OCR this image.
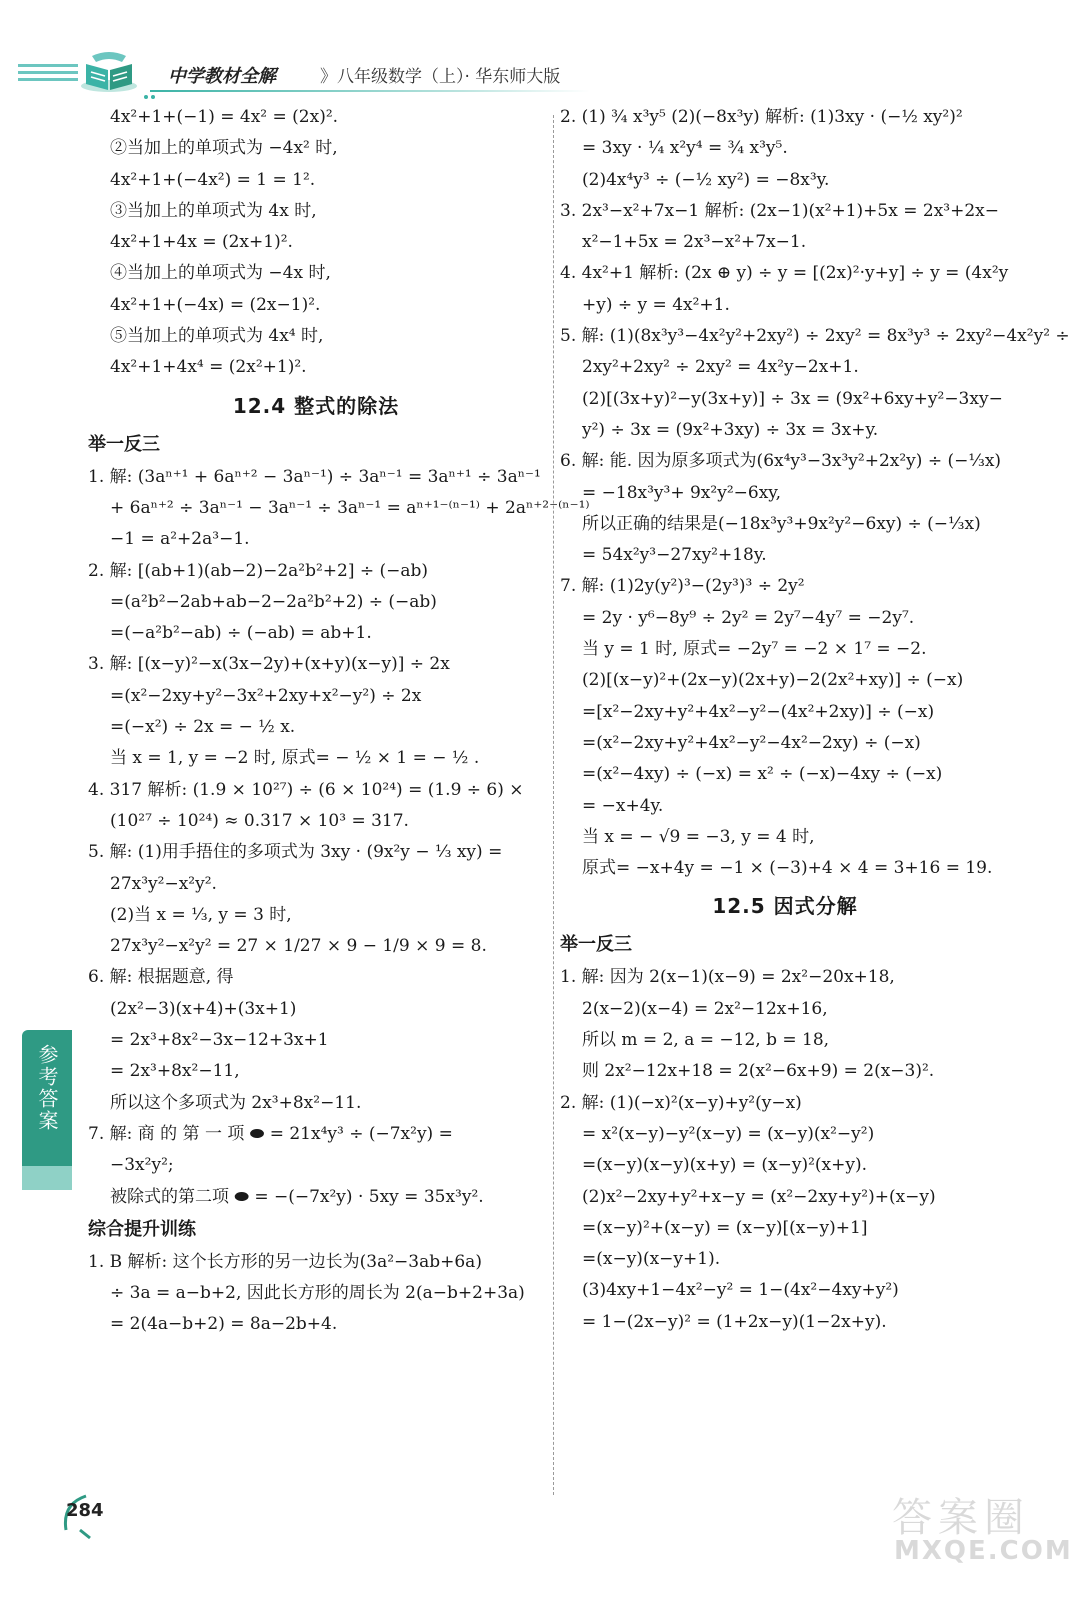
中学教材全解	》八年级数学（上）· 华东师大版
4x²+1+(−1) = 4x² = (2x)².
②当加上的单项式为 −4x² 时,
4x²+1+(−4x²) = 1 = 1².
③当加上的单项式为 4x 时,
4x²+1+4x = (2x+1)².
④当加上的单项式为 −4x 时,
4x²+1+(−4x) = (2x−1)².
⑤当加上的单项式为 4x⁴ 时,
4x²+1+4x⁴ = (2x²+1)².
12.4 整式的除法
举一反三
1. 解: (3aⁿ⁺¹ + 6aⁿ⁺² − 3aⁿ⁻¹) ÷ 3aⁿ⁻¹ = 3aⁿ⁺¹ ÷ 3aⁿ⁻¹
+ 6aⁿ⁺² ÷ 3aⁿ⁻¹ − 3aⁿ⁻¹ ÷ 3aⁿ⁻¹ = aⁿ⁺¹⁻⁽ⁿ⁻¹⁾ + 2aⁿ⁺²⁻⁽ⁿ⁻¹⁾
−1 = a²+2a³−1.
2. 解: [(ab+1)(ab−2)−2a²b²+2] ÷ (−ab)
=(a²b²−2ab+ab−2−2a²b²+2) ÷ (−ab)
=(−a²b²−ab) ÷ (−ab) = ab+1.
3. 解: [(x−y)²−x(3x−2y)+(x+y)(x−y)] ÷ 2x
=(x²−2xy+y²−3x²+2xy+x²−y²) ÷ 2x
=(−x²) ÷ 2x = − ½ x.
当 x = 1, y = −2 时, 原式= − ½ × 1 = − ½ .
4. 317 解析: (1.9 × 10²⁷) ÷ (6 × 10²⁴) = (1.9 ÷ 6) ×
(10²⁷ ÷ 10²⁴) ≈ 0.317 × 10³ = 317.
5. 解: (1)用手捂住的多项式为 3xy · (9x²y − ⅓ xy) =
27x³y²−x²y².
(2)当 x = ⅓, y = 3 时,
27x³y²−x²y² = 27 × 1/27 × 9 − 1/9 × 9 = 8.
6. 解: 根据题意, 得
(2x²−3)(x+4)+(3x+1)
= 2x³+8x²−3x−12+3x+1
= 2x³+8x²−11,
所以这个多项式为 2x³+8x²−11.
7. 解: 商 的 第 一 项 ⬬ = 21x⁴y³ ÷ (−7x²y) =
−3x²y²;
被除式的第二项 ⬬ = −(−7x²y) · 5xy = 35x³y².
综合提升训练
1. B 解析: 这个长方形的另一边长为(3a²−3ab+6a)
÷ 3a = a−b+2, 因此长方形的周长为 2(a−b+2+3a)
= 2(4a−b+2) = 8a−2b+4.
2. (1) ¾ x³y⁵ (2)(−8x³y) 解析: (1)3xy · (−½ xy²)²
= 3xy · ¼ x²y⁴ = ¾ x³y⁵.
(2)4x⁴y³ ÷ (−½ xy²) = −8x³y.
3. 2x³−x²+7x−1 解析: (2x−1)(x²+1)+5x = 2x³+2x−
x²−1+5x = 2x³−x²+7x−1.
4. 4x²+1 解析: (2x ⊕ y) ÷ y = [(2x)²·y+y] ÷ y = (4x²y
+y) ÷ y = 4x²+1.
5. 解: (1)(8x³y³−4x²y²+2xy²) ÷ 2xy² = 8x³y³ ÷ 2xy²−4x²y² ÷
2xy²+2xy² ÷ 2xy² = 4x²y−2x+1.
(2)[(3x+y)²−y(3x+y)] ÷ 3x = (9x²+6xy+y²−3xy−
y²) ÷ 3x = (9x²+3xy) ÷ 3x = 3x+y.
6. 解: 能. 因为原多项式为(6x⁴y³−3x³y²+2x²y) ÷ (−⅓x)
= −18x³y³+ 9x²y²−6xy,
所以正确的结果是(−18x³y³+9x²y²−6xy) ÷ (−⅓x)
= 54x²y³−27xy²+18y.
7. 解: (1)2y(y²)³−(2y³)³ ÷ 2y²
= 2y · y⁶−8y⁹ ÷ 2y² = 2y⁷−4y⁷ = −2y⁷.
当 y = 1 时, 原式= −2y⁷ = −2 × 1⁷ = −2.
(2)[(x−y)²+(2x−y)(2x+y)−2(2x²+xy)] ÷ (−x)
=[x²−2xy+y²+4x²−y²−(4x²+2xy)] ÷ (−x)
=(x²−2xy+y²+4x²−y²−4x²−2xy) ÷ (−x)
=(x²−4xy) ÷ (−x) = x² ÷ (−x)−4xy ÷ (−x)
= −x+4y.
当 x = − √9 = −3, y = 4 时,
原式= −x+4y = −1 × (−3)+4 × 4 = 3+16 = 19.
12.5 因式分解
举一反三
1. 解: 因为 2(x−1)(x−9) = 2x²−20x+18,
2(x−2)(x−4) = 2x²−12x+16,
所以 m = 2, a = −12, b = 18,
则 2x²−12x+18 = 2(x²−6x+9) = 2(x−3)².
2. 解: (1)(−x)²(x−y)+y²(y−x)
= x²(x−y)−y²(x−y) = (x−y)(x²−y²)
=(x−y)(x−y)(x+y) = (x−y)²(x+y).
(2)x²−2xy+y²+x−y = (x²−2xy+y²)+(x−y)
=(x−y)²+(x−y) = (x−y)[(x−y)+1]
=(x−y)(x−y+1).
(3)4xy+1−4x²−y² = 1−(4x²−4xy+y²)
= 1−(2x−y)² = (1+2x−y)(1−2x+y).
参考答案
284	答案圈
MXQE.COM
